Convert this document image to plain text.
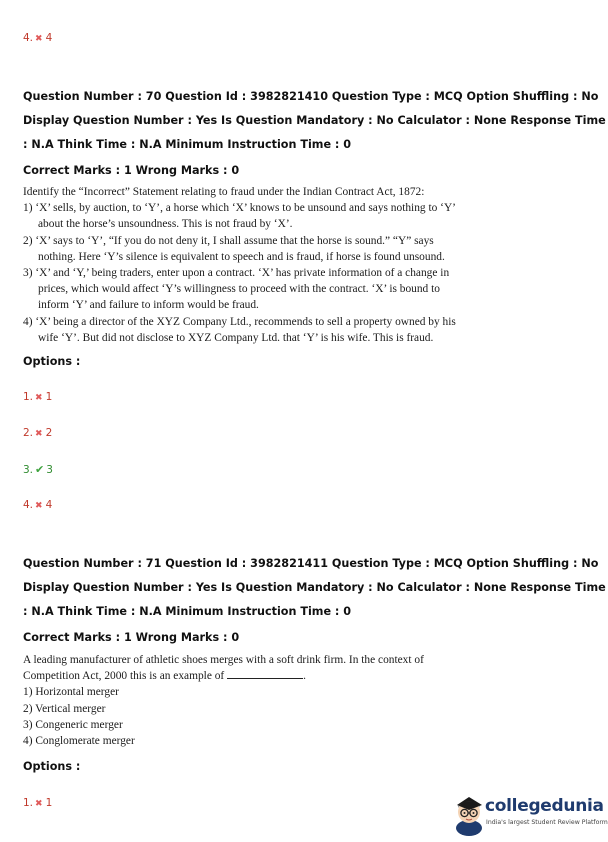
4. ✖ 4
Question Number : 70 Question Id : 3982821410 Question Type : MCQ Option Shuffling : No
Display Question Number : Yes Is Question Mandatory : No Calculator : None Response Time
: N.A Think Time : N.A Minimum Instruction Time : 0
Correct Marks : 1 Wrong Marks : 0
Identify the “Incorrect” Statement relating to fraud under the Indian Contract Act, 1872:
1) ‘X’ sells, by auction, to ‘Y’, a horse which ‘X’ knows to be unsound and says nothing to ‘Y’
about the horse’s unsoundness. This is not fraud by ‘X’.
2) ‘X’ says to ‘Y’, “If you do not deny it, I shall assume that the horse is sound.” “Y” says
nothing. Here ‘Y’s silence is equivalent to speech and is fraud, if horse is found unsound.
3) ‘X’ and ‘Y,’ being traders, enter upon a contract. ‘X’ has private information of a change in
prices, which would affect ‘Y’s willingness to proceed with the contract. ‘X’ is bound to
inform ‘Y’ and failure to inform would be fraud.
4) ‘X’ being a director of the XYZ Company Ltd., recommends to sell a property owned by his
wife ‘Y’. But did not disclose to XYZ Company Ltd. that ‘Y’ is his wife. This is fraud.
Options :
1. ✖ 1
2. ✖ 2
3. ✔ 3
4. ✖ 4
Question Number : 71 Question Id : 3982821411 Question Type : MCQ Option Shuffling : No
Display Question Number : Yes Is Question Mandatory : No Calculator : None Response Time
: N.A Think Time : N.A Minimum Instruction Time : 0
Correct Marks : 1 Wrong Marks : 0
A leading manufacturer of athletic shoes merges with a soft drink firm. In the context of
Competition Act, 2000 this is an example of	.
1) Horizontal merger
2) Vertical merger
3) Congeneric merger
4) Conglomerate merger
Options :
1. ✖ 1	collegedunia
India's largest Student Review Platform
